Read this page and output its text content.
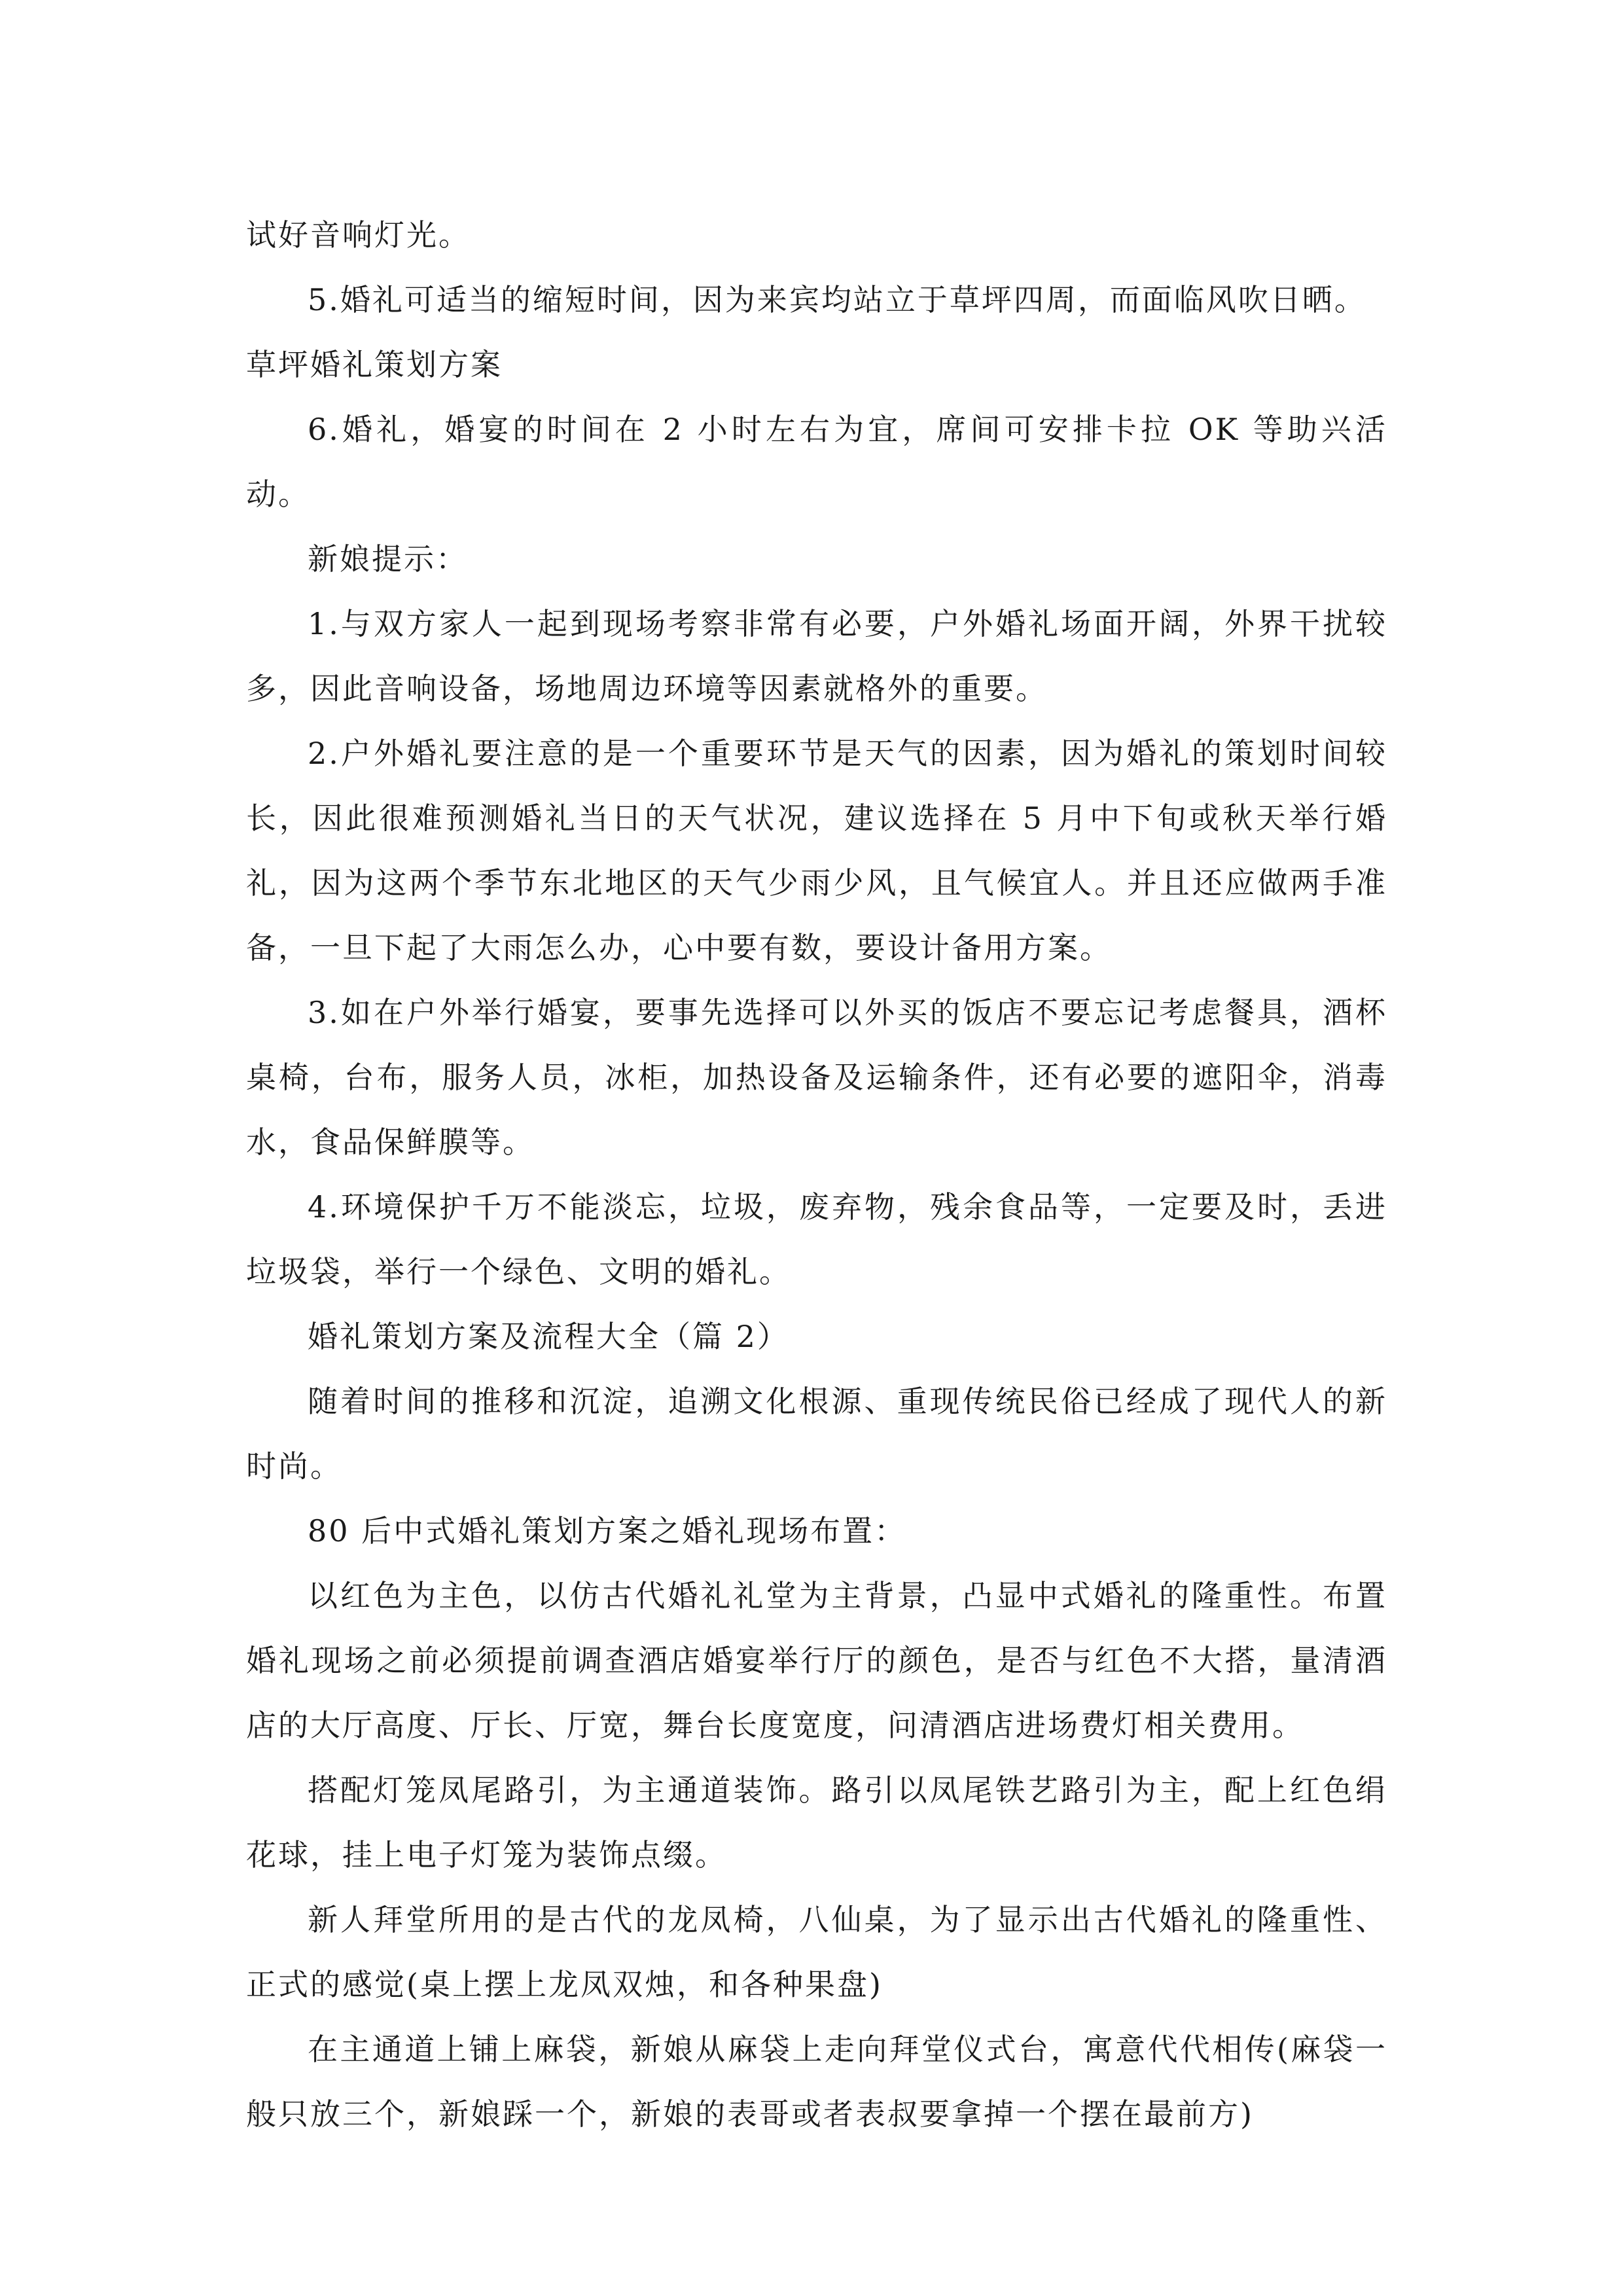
试好音响灯光。

5.婚礼可适当的缩短时间，因为来宾均站立于草坪四周，而面临风吹日晒。

草坪婚礼策划方案

6.婚礼，婚宴的时间在 2 小时左右为宜，席间可安排卡拉 OK 等助兴活动。

新娘提示：

1.与双方家人一起到现场考察非常有必要，户外婚礼场面开阔，外界干扰较多，因此音响设备，场地周边环境等因素就格外的重要。

2.户外婚礼要注意的是一个重要环节是天气的因素，因为婚礼的策划时间较长，因此很难预测婚礼当日的天气状况，建议选择在 5 月中下旬或秋天举行婚礼，因为这两个季节东北地区的天气少雨少风，且气候宜人。并且还应做两手准备，一旦下起了大雨怎么办，心中要有数，要设计备用方案。

3.如在户外举行婚宴，要事先选择可以外买的饭店不要忘记考虑餐具，酒杯桌椅，台布，服务人员，冰柜，加热设备及运输条件，还有必要的遮阳伞，消毒水，食品保鲜膜等。

4.环境保护千万不能淡忘，垃圾，废弃物，残余食品等，一定要及时，丢进垃圾袋，举行一个绿色、文明的婚礼。

婚礼策划方案及流程大全（篇 2）

随着时间的推移和沉淀，追溯文化根源、重现传统民俗已经成了现代人的新时尚。

80 后中式婚礼策划方案之婚礼现场布置：

以红色为主色，以仿古代婚礼礼堂为主背景，凸显中式婚礼的隆重性。布置婚礼现场之前必须提前调查酒店婚宴举行厅的颜色，是否与红色不大搭，量清酒店的大厅高度、厅长、厅宽，舞台长度宽度，问清酒店进场费灯相关费用。

搭配灯笼凤尾路引，为主通道装饰。路引以凤尾铁艺路引为主，配上红色绢花球，挂上电子灯笼为装饰点缀。

新人拜堂所用的是古代的龙凤椅，八仙桌，为了显示出古代婚礼的隆重性、正式的感觉(桌上摆上龙凤双烛，和各种果盘)

在主通道上铺上麻袋，新娘从麻袋上走向拜堂仪式台，寓意代代相传(麻袋一般只放三个，新娘踩一个，新娘的表哥或者表叔要拿掉一个摆在最前方)
